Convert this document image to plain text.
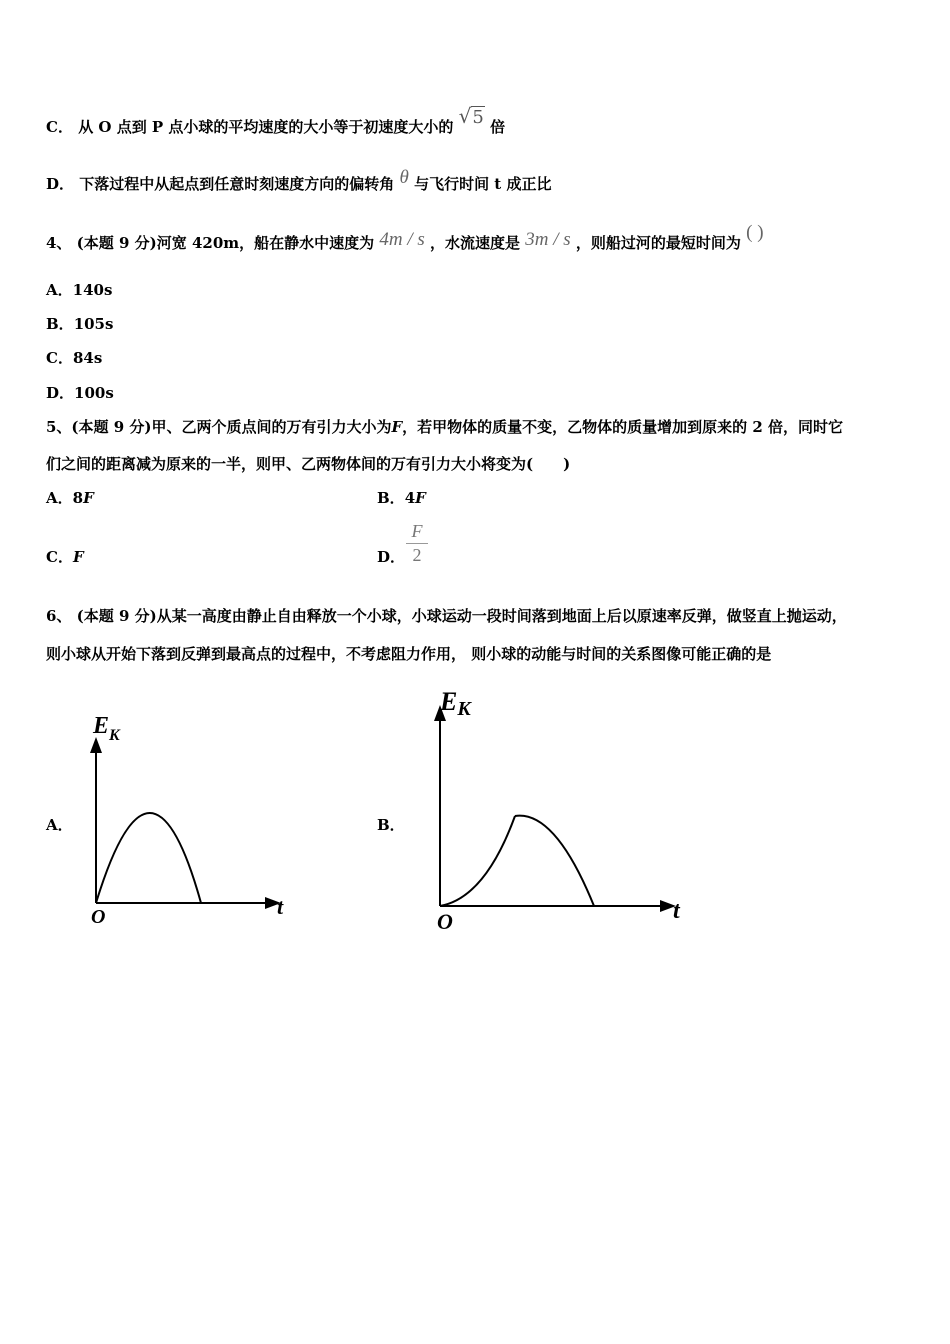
C． 从 O 点到 P 点小球的平均速度的大小等于初速度大小的 √5 倍
D． 下落过程中从起点到任意时刻速度方向的偏转角 θ 与飞行时间 t 成正比
4、 (本题 9 分)河宽 420m，船在静水中速度为 4m / s ，水流速度是 3m / s ，则船过河的最短时间为 ( )
A．140s
B．105s
C．84s
D．100s
5、(本题 9 分)甲、乙两个质点间的万有引力大小为F，若甲物体的质量不变，乙物体的质量增加到原来的 2 倍，同时它
们之间的距离减为原来的一半，则甲、乙两物体间的万有引力大小将变为(　　)
A．8F	B．4F
C．F	D． $\frac{F}{2}$
6、 (本题 9 分)从某一高度由静止自由释放一个小球，小球运动一段时间落到地面上后以原速率反弹，做竖直上抛运动，
则小球从开始下落到反弹到最高点的过程中，不考虑阻力作用， 则小球的动能与时间的关系图像可能正确的是
A．
$E_K$
t
O
B．
EK
t
O
